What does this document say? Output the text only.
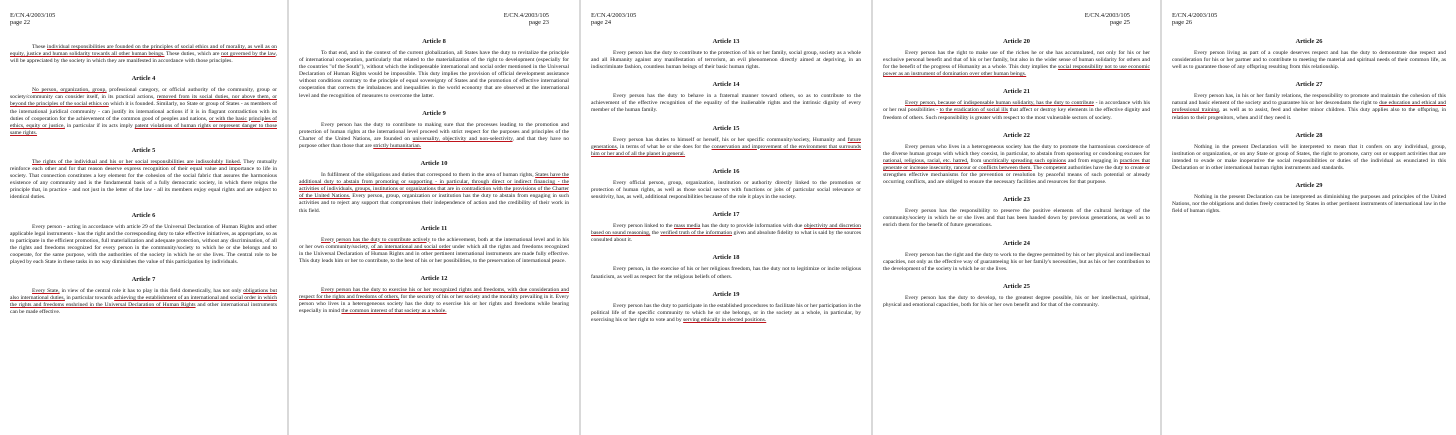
E/CN.4/2003/105
page 22

These individual responsibilities are founded on the principles of social ethics and of morality, as well as on equity, justice and human solidarity towards all other human beings. These duties, which are not governed by the law, will be appreciated by the society in which they are manifested in accordance with those principles.

Article 4

No person, organization, group, professional category, or official authority of the community, group or society/community can consider itself, in its practical actions, removed from its social duties, nor above them, or beyond the principles of the social ethics on which it is founded. Similarly, no State or group of States - as members of the international juridical community - can justify its international actions if it is in flagrant contradiction with its duties of cooperation for the achievement of the common good of peoples and nations, or with the basic principles of ethics, equity or justice, in particular if its acts imply patent violations of human rights or represent danger to those same rights.

Article 5

The rights of the individual and his or her social responsibilities are indissolubly linked. They mutually reinforce each other and for that reason deserve express recognition of their equal value and importance to life in society. That connection constitutes a key element for the cohesion of the social fabric that assures the harmonious existence of any community and is the fundamental basis of a fully democratic society, in which there reigns the principle that, in practice - and not just in the letter of the law - all its members enjoy equal rights and are subject to identical duties.

Article 6

Every person - acting in accordance with article 29 of the Universal Declaration of Human Rights and other applicable legal instruments - has the right and the corresponding duty to take effective initiatives, as appropriate, so as to participate in the efficient promotion, full materialization and adequate protection, without any discrimination, of all the rights and freedoms recognized for every person in the community/society to which he or she belongs and to cooperate, for the same purpose, with the authorities of the society in which he or she lives. The central role to be played by each State in these tasks in no way diminishes the value of this participation by individuals.

Article 7

Every State, in view of the central role it has to play in this field domestically, has not only obligations but also international duties, in particular towards achieving the establishment of an international and social order in which the rights and freedoms enshrined in the Universal Declaration of Human Rights and other international instruments can be made effective.

E/CN.4/2003/105
page 23
Article 8

To that end, and in the context of the current globalization, all States have the duty to revitalize the principle of international cooperation, particularly that related to the materialization of the right to development (especially for the countries "of the South"), without which the indispensable international and social order mentioned in the Universal Declaration of Human Rights would be impossible. This duty implies the provision of official development assistance without conditions contrary to the principle of equal sovereignty of States and the promotion of effective international cooperation that corrects the imbalances and inequalities in the world economy that are observed at the international level and the recognition of measures to overcome the latter.

Article 9

Every person has the duty to contribute to making sure that the processes leading to the promotion and protection of human rights at the international level proceed with strict respect for the purposes and principles of the Charter of the United Nations, are founded on universality, objectivity and non-selectivity, and that they have no purpose other than those that are strictly humanitarian.

Article 10

In fulfilment of the obligations and duties that correspond to them in the area of human rights, States have the additional duty to abstain from promoting or supporting - in particular, through direct or indirect financing - the activities of individuals, groups, institutions or organizations that are in contradiction with the provisions of the Charter of the United Nations. Every person, group, organization or institution has the duty to abstain from engaging in such activities and to reject any support that compromises their independence of action and the credibility of their work in this field.

Article 11

Every person has the duty to contribute actively to the achievement, both at the international level and in his or her own community/society, of an international and social order under which all the rights and freedoms recognized in the Universal Declaration of Human Rights and in other pertinent international instruments are made fully effective. This duty leads him or her to contribute, to the best of his or her possibilities, to the preservation of international peace.

Article 12

Every person has the duty to exercise his or her recognized rights and freedoms, with due consideration and respect for the rights and freedoms of others, for the security of his or her society and the morality prevailing in it. Every person who lives in a heterogeneous society has the duty to exercise his or her rights and freedoms while bearing especially in mind the common interest of that society as a whole.

E/CN.4/2003/105
page 24
Article 13

Every person has the duty to contribute to the protection of his or her family, social group, society as a whole and all Humanity against any manifestation of terrorism, an evil phenomenon directly aimed at depriving, in an indiscriminate fashion, countless human beings of their basic human rights.

Article 14

Every person has the duty to behave in a fraternal manner toward others, so as to contribute to the achievement of the effective recognition of the equality of the inalienable rights and the intrinsic dignity of every member of the human family.

Article 15

Every person has duties to himself or herself, his or her specific community/society, Humanity and future generations, in terms of what he or she does for the conservation and improvement of the environment that surrounds him or her and of all the planet in general.

Article 16

Every official person, group, organization, institution or authority directly linked to the promotion or protection of human rights, as well as those social sectors with functions or jobs of particular social relevance or sensitivity, has, as well, additional responsibilities because of the role it plays in the society.

Article 17

Every person linked to the mass media has the duty to provide information with due objectivity and discretion based on sound reasoning, the verified truth of the information given and absolute fidelity to what is said by the sources consulted about it.

Article 18

Every person, in the exercise of his or her religious freedom, has the duty not to legitimize or incite religious fanaticism, as well as respect for the religious beliefs of others.

Article 19

Every person has the duty to participate in the established procedures to facilitate his or her participation in the political life of the specific community to which he or she belongs, or in the society as a whole, in particular, by exercising his or her right to vote and by serving ethically in elected positions.

E/CN.4/2003/105
page 25
Article 20

Every person has the right to make use of the riches he or she has accumulated, not only for his or her exclusive personal benefit and that of his or her family, but also in the wider sense of human solidarity for others and for the benefit of the progress of Humanity as a whole. This duty implies the social responsibility not to use economic power as an instrument of domination over other human beings.

Article 21

Every person, because of indispensable human solidarity, has the duty to contribute - in accordance with his or her real possibilities - to the eradication of social ills that affect or destroy key elements in the effective dignity and freedom of others. Such responsibility is greater with respect to the most vulnerable sectors of society.

Article 22

Every person who lives in a heterogeneous society has the duty to promote the harmonious coexistence of the diverse human groups with which they coexist, in particular, to abstain from sponsoring or condoning excuses for national, religious, racial, etc. hatred, from uncritically spreading such opinions and from engaging in practices that generate or increase insecurity, rancour or conflicts between them. The competent authorities have the duty to create or strengthen effective mechanisms for the prevention or resolution by peaceful means of such potential or already occurring conflicts, and are obliged to ensure the necessary facilities and resources for that purpose.

Article 23

Every person has the responsibility to preserve the positive elements of the cultural heritage of the community/society in which he or she lives and that has been handed down by previous generations, as well as to enrich them for the benefit of future generations.

Article 24

Every person has the right and the duty to work to the degree permitted by his or her physical and intellectual capacities, not only as the effective way of guaranteeing his or her family's necessities, but as his or her contribution to the development of the society in which he or she lives.

Article 25

Every person has the duty to develop, to the greatest degree possible, his or her intellectual, spiritual, physical and emotional capacities, both for his or her own benefit and for that of the community.

E/CN.4/2003/105
page 26
Article 26

Every person living as part of a couple deserves respect and has the duty to demonstrate due respect and consideration for his or her partner and to contribute to meeting the material and spiritual needs of their common life, as well as to guarantee those of any offspring resulting from this relationship.

Article 27

Every person has, in his or her family relations, the responsibility to promote and maintain the cohesion of this natural and basic element of the society and to guarantee his or her descendants the right to due education and ethical and professional training, as well as to assist, feed and shelter minor children. This duty applies also to the offspring, in relation to their progenitors, when and if they need it.

Article 28

Nothing in the present Declaration will be interpreted to mean that it confers on any individual, group, institution or organization, or on any State or group of States, the right to promote, carry out or support activities that are intended to evade or make inoperative the social responsibilities or duties of the individual as enunciated in this Declaration or in other international human rights instruments and standards.

Article 29

Nothing in the present Declaration can be interpreted as diminishing the purposes and principles of the United Nations, nor the obligations and duties freely contracted by States in other pertinent instruments of international law in the field of human rights.
